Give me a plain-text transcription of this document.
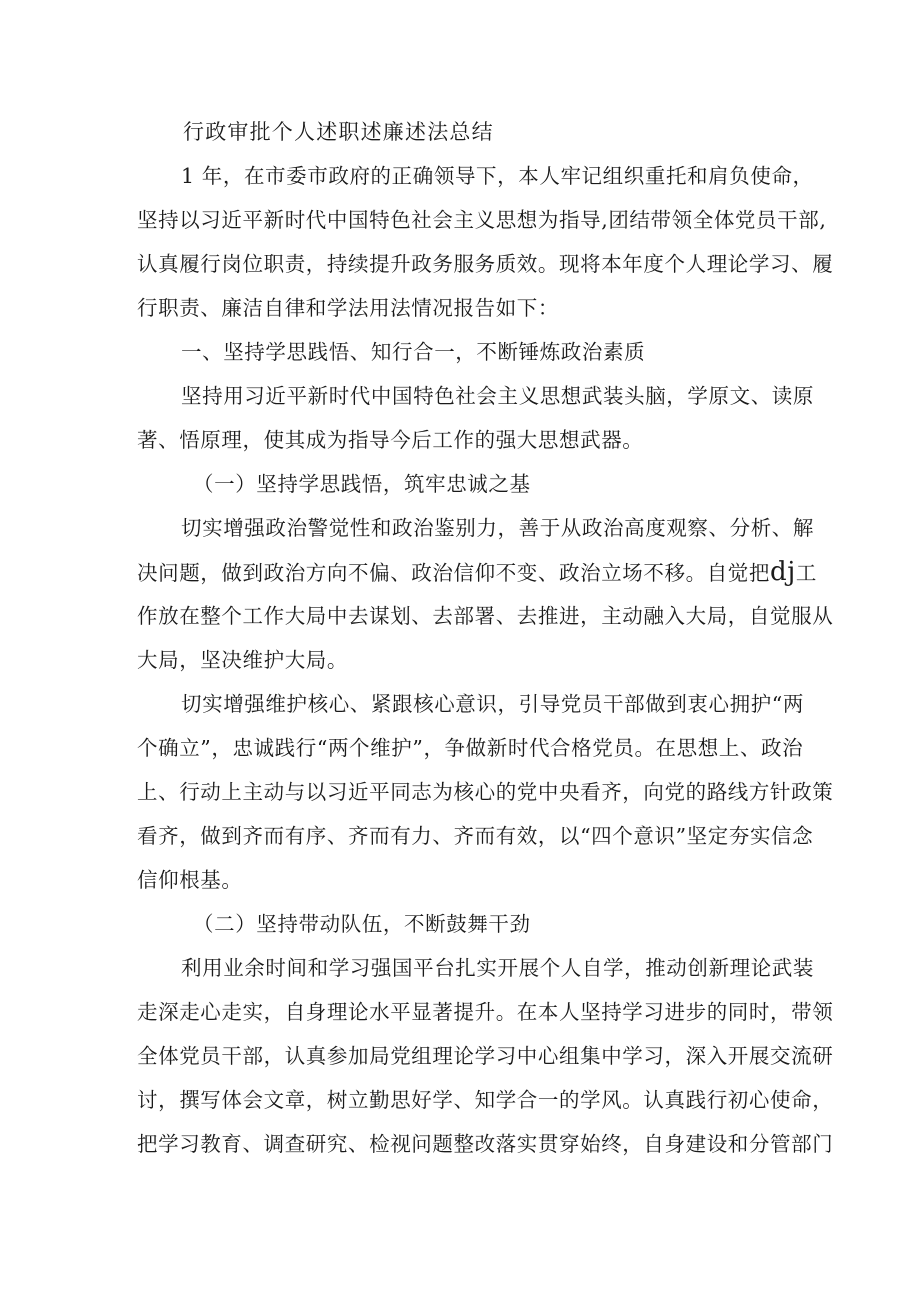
行政审批个人述职述廉述法总结
1 年，在市委市政府的正确领导下，本人牢记组织重托和肩负使命，
坚持以习近平新时代中国特色社会主义思想为指导,团结带领全体党员干部,
认真履行岗位职责，持续提升政务服务质效。现将本年度个人理论学习、履
行职责、廉洁自律和学法用法情况报告如下：
一、坚持学思践悟、知行合一，不断锤炼政治素质
坚持用习近平新时代中国特色社会主义思想武装头脑，学原文、读原
著、悟原理，使其成为指导今后工作的强大思想武器。
（一）坚持学思践悟，筑牢忠诚之基
切实增强政治警觉性和政治鉴别力，善于从政治高度观察、分析、解
决问题，做到政治方向不偏、政治信仰不变、政治立场不移。自觉把dj工
作放在整个工作大局中去谋划、去部署、去推进，主动融入大局，自觉服从
大局，坚决维护大局。
切实增强维护核心、紧跟核心意识，引导党员干部做到衷心拥护“两
个确立”，忠诚践行“两个维护”，争做新时代合格党员。在思想上、政治
上、行动上主动与以习近平同志为核心的党中央看齐，向党的路线方针政策
看齐，做到齐而有序、齐而有力、齐而有效，以“四个意识”坚定夯实信念
信仰根基。
（二）坚持带动队伍，不断鼓舞干劲
利用业余时间和学习强国平台扎实开展个人自学，推动创新理论武装
走深走心走实，自身理论水平显著提升。在本人坚持学习进步的同时，带领
全体党员干部，认真参加局党组理论学习中心组集中学习，深入开展交流研
讨，撰写体会文章，树立勤思好学、知学合一的学风。认真践行初心使命，
把学习教育、调查研究、检视问题整改落实贯穿始终，自身建设和分管部门
